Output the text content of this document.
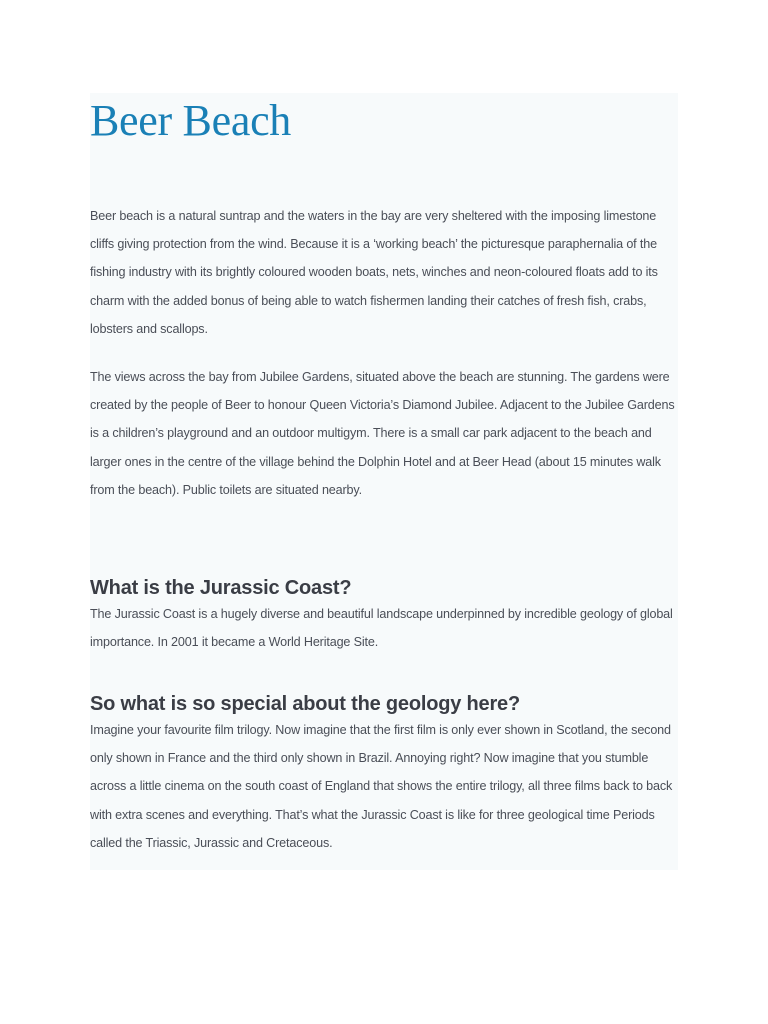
Beer Beach

Beer beach is a natural suntrap and the waters in the bay are very sheltered with the imposing limestone cliffs giving protection from the wind. Because it is a ‘working beach’ the picturesque paraphernalia of the fishing industry with its brightly coloured wooden boats, nets, winches and neon-coloured floats add to its charm with the added bonus of being able to watch fishermen landing their catches of fresh fish, crabs, lobsters and scallops.

The views across the bay from Jubilee Gardens, situated above the beach are stunning. The gardens were created by the people of Beer to honour Queen Victoria’s Diamond Jubilee. Adjacent to the Jubilee Gardens is a children’s playground and an outdoor multigym. There is a small car park adjacent to the beach and larger ones in the centre of the village behind the Dolphin Hotel and at Beer Head (about 15 minutes walk from the beach). Public toilets are situated nearby.

What is the Jurassic Coast?

The Jurassic Coast is a hugely diverse and beautiful landscape underpinned by incredible geology of global importance. In 2001 it became a World Heritage Site.

So what is so special about the geology here?

Imagine your favourite film trilogy. Now imagine that the first film is only ever shown in Scotland, the second only shown in France and the third only shown in Brazil. Annoying right? Now imagine that you stumble across a little cinema on the south coast of England that shows the entire trilogy, all three films back to back with extra scenes and everything. That’s what the Jurassic Coast is like for three geological time Periods called the Triassic, Jurassic and Cretaceous.
